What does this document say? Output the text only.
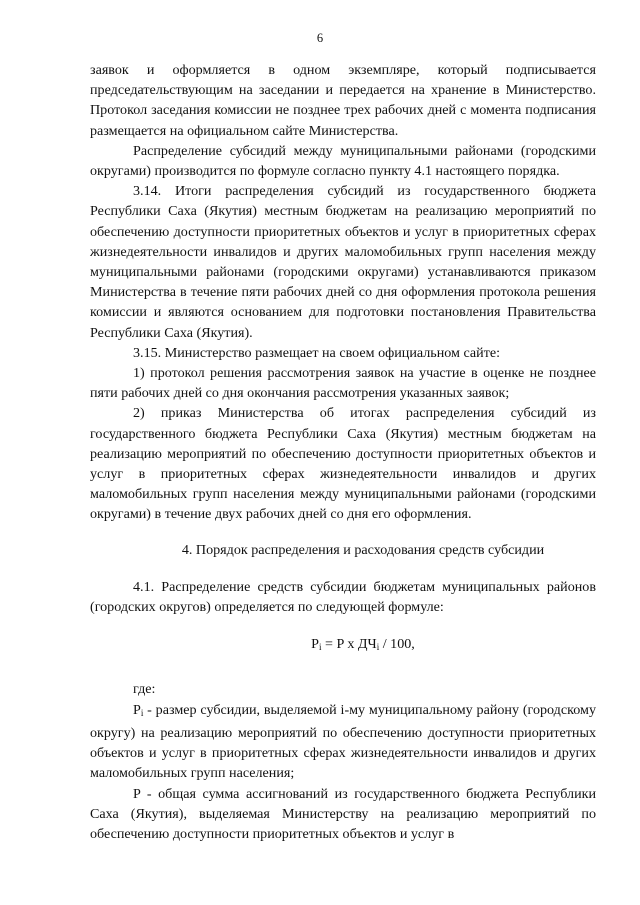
6

заявок и оформляется в одном экземпляре, который подписывается председательствующим на заседании и передается на хранение в Министерство. Протокол заседания комиссии не позднее трех рабочих дней с момента подписания размещается на официальном сайте Министерства.

Распределение субсидий между муниципальными районами (городскими округами) производится по формуле согласно пункту 4.1 настоящего порядка.

3.14. Итоги распределения субсидий из государственного бюджета Республики Саха (Якутия) местным бюджетам на реализацию мероприятий по обеспечению доступности приоритетных объектов и услуг в приоритетных сферах жизнедеятельности инвалидов и других маломобильных групп населения между муниципальными районами (городскими округами) устанавливаются приказом Министерства в течение пяти рабочих дней со дня оформления протокола решения комиссии и являются основанием для подготовки постановления Правительства Республики Саха (Якутия).

3.15. Министерство размещает на своем официальном сайте:

1) протокол решения рассмотрения заявок на участие в оценке не позднее пяти рабочих дней со дня окончания рассмотрения указанных заявок;

2) приказ Министерства об итогах распределения субсидий из государственного бюджета Республики Саха (Якутия) местным бюджетам на реализацию мероприятий по обеспечению доступности приоритетных объектов и услуг в приоритетных сферах жизнедеятельности инвалидов и других маломобильных групп населения между муниципальными районами (городскими округами) в течение двух рабочих дней со дня его оформления.

4. Порядок распределения и расходования средств субсидии

4.1. Распределение средств субсидии бюджетам муниципальных районов (городских округов) определяется по следующей формуле:

$P_i = P$ x $ДЧ_i / 100$,

где:

$P_i$ - размер субсидии, выделяемой i-му муниципальному району (городскому округу) на реализацию мероприятий по обеспечению доступности приоритетных объектов и услуг в приоритетных сферах жизнедеятельности инвалидов и других маломобильных групп населения;

P - общая сумма ассигнований из государственного бюджета Республики Саха (Якутия), выделяемая Министерству на реализацию мероприятий по обеспечению доступности приоритетных объектов и услуг в
